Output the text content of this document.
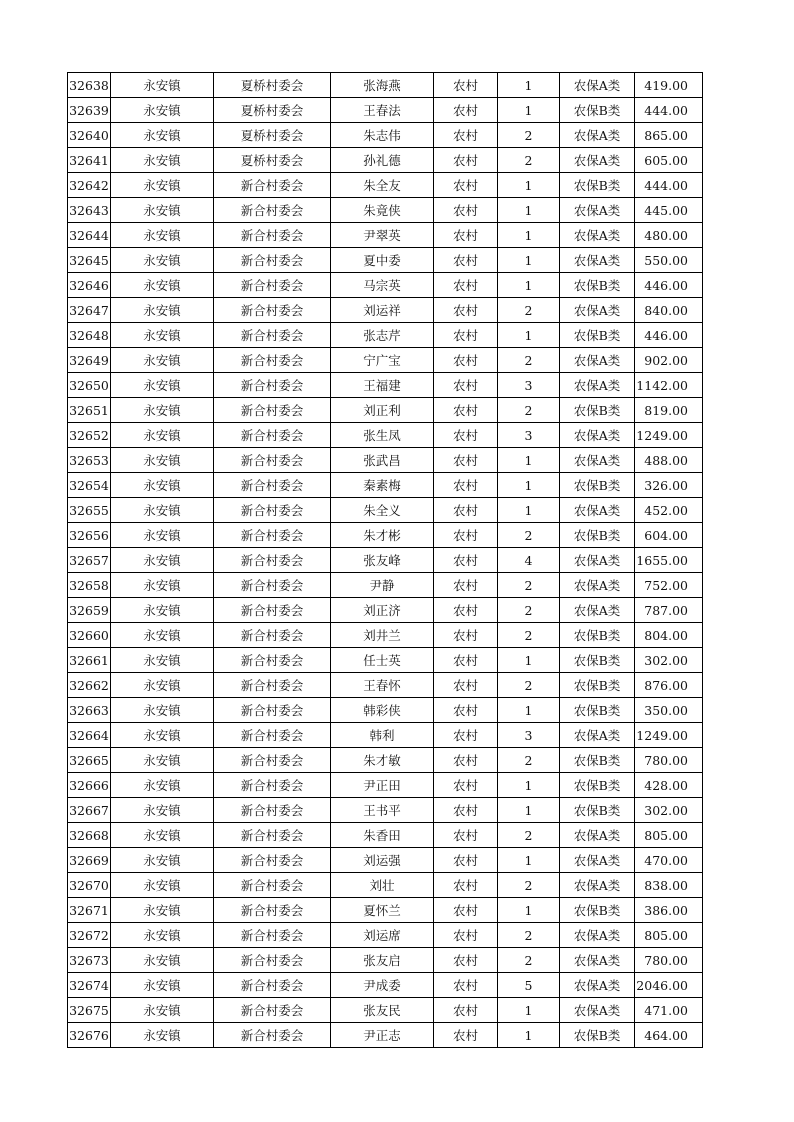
32638	永安镇	夏桥村委会	张海燕	农村	1	农保A类	419.00
32639	永安镇	夏桥村委会	王春法	农村	1	农保B类	444.00
32640	永安镇	夏桥村委会	朱志伟	农村	2	农保A类	865.00
32641	永安镇	夏桥村委会	孙礼德	农村	2	农保A类	605.00
32642	永安镇	新合村委会	朱全友	农村	1	农保B类	444.00
32643	永安镇	新合村委会	朱竟侠	农村	1	农保A类	445.00
32644	永安镇	新合村委会	尹翠英	农村	1	农保A类	480.00
32645	永安镇	新合村委会	夏中委	农村	1	农保A类	550.00
32646	永安镇	新合村委会	马宗英	农村	1	农保B类	446.00
32647	永安镇	新合村委会	刘运祥	农村	2	农保A类	840.00
32648	永安镇	新合村委会	张志芹	农村	1	农保B类	446.00
32649	永安镇	新合村委会	宁广宝	农村	2	农保A类	902.00
32650	永安镇	新合村委会	王福建	农村	3	农保A类	1142.00
32651	永安镇	新合村委会	刘正利	农村	2	农保B类	819.00
32652	永安镇	新合村委会	张生凤	农村	3	农保A类	1249.00
32653	永安镇	新合村委会	张武昌	农村	1	农保A类	488.00
32654	永安镇	新合村委会	秦素梅	农村	1	农保B类	326.00
32655	永安镇	新合村委会	朱全义	农村	1	农保A类	452.00
32656	永安镇	新合村委会	朱才彬	农村	2	农保B类	604.00
32657	永安镇	新合村委会	张友峰	农村	4	农保A类	1655.00
32658	永安镇	新合村委会	尹静	农村	2	农保A类	752.00
32659	永安镇	新合村委会	刘正济	农村	2	农保A类	787.00
32660	永安镇	新合村委会	刘井兰	农村	2	农保B类	804.00
32661	永安镇	新合村委会	任士英	农村	1	农保B类	302.00
32662	永安镇	新合村委会	王春怀	农村	2	农保B类	876.00
32663	永安镇	新合村委会	韩彩侠	农村	1	农保B类	350.00
32664	永安镇	新合村委会	韩利	农村	3	农保A类	1249.00
32665	永安镇	新合村委会	朱才敏	农村	2	农保B类	780.00
32666	永安镇	新合村委会	尹正田	农村	1	农保B类	428.00
32667	永安镇	新合村委会	王书平	农村	1	农保B类	302.00
32668	永安镇	新合村委会	朱香田	农村	2	农保A类	805.00
32669	永安镇	新合村委会	刘运强	农村	1	农保A类	470.00
32670	永安镇	新合村委会	刘壮	农村	2	农保A类	838.00
32671	永安镇	新合村委会	夏怀兰	农村	1	农保B类	386.00
32672	永安镇	新合村委会	刘运席	农村	2	农保A类	805.00
32673	永安镇	新合村委会	张友启	农村	2	农保A类	780.00
32674	永安镇	新合村委会	尹成委	农村	5	农保A类	2046.00
32675	永安镇	新合村委会	张友民	农村	1	农保A类	471.00
32676	永安镇	新合村委会	尹正志	农村	1	农保B类	464.00
